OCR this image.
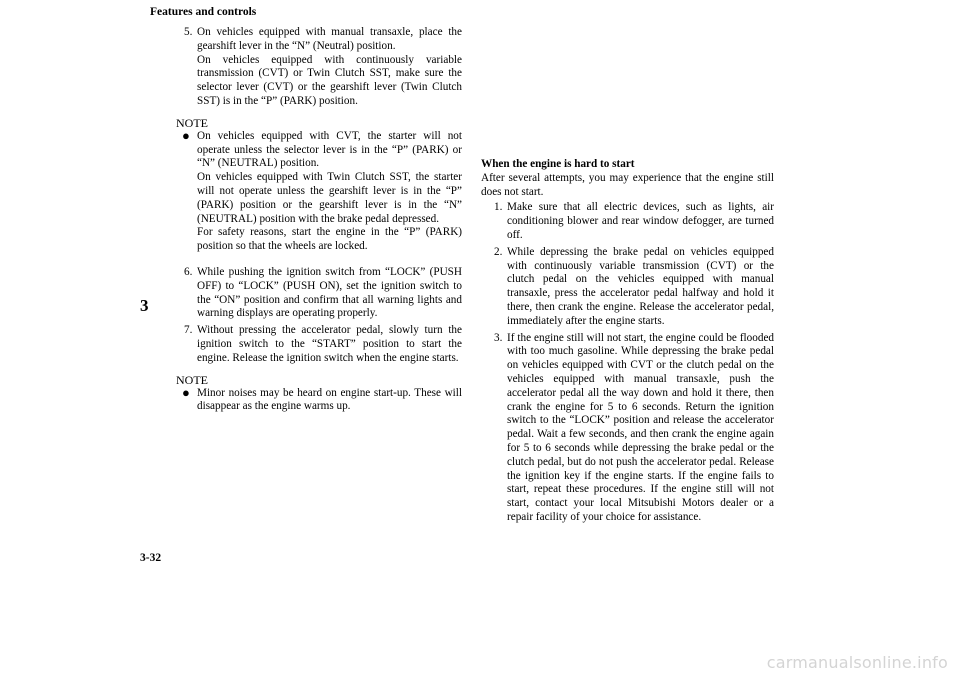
Features and controls
3
3-32
5. On vehicles equipped with manual transaxle, place the gearshift lever in the “N” (Neutral) position.

On vehicles equipped with continuously variable transmission (CVT) or Twin Clutch SST, make sure the selector lever (CVT) or the gearshift lever (Twin Clutch SST) is in the “P” (PARK) position.

NOTE
● On vehicles equipped with CVT, the starter will not operate unless the selector lever is in the “P” (PARK) or “N” (NEUTRAL) position.

On vehicles equipped with Twin Clutch SST, the starter will not operate unless the gearshift lever is in the “P” (PARK) position or the gearshift lever is in the “N” (NEUTRAL) position with the brake pedal depressed.

For safety reasons, start the engine in the “P” (PARK) position so that the wheels are locked.

6. While pushing the ignition switch from “LOCK” (PUSH OFF) to “LOCK” (PUSH ON), set the ignition switch to the “ON” position and confirm that all warning lights and warning displays are operating properly.

7. Without pressing the accelerator pedal, slowly turn the ignition switch to the “START” position to start the engine. Release the ignition switch when the engine starts.

NOTE
● Minor noises may be heard on engine start-up. These will disappear as the engine warms up.

When the engine is hard to start

After several attempts, you may experience that the engine still does not start.

1. Make sure that all electric devices, such as lights, air conditioning blower and rear window defogger, are turned off.

2. While depressing the brake pedal on vehicles equipped with continuously variable transmission (CVT) or the clutch pedal on the vehicles equipped with manual transaxle, press the accelerator pedal halfway and hold it there, then crank the engine. Release the accelerator pedal, immediately after the engine starts.

3. If the engine still will not start, the engine could be flooded with too much gasoline. While depressing the brake pedal on vehicles equipped with CVT or the clutch pedal on the vehicles equipped with manual transaxle, push the accelerator pedal all the way down and hold it there, then crank the engine for 5 to 6 seconds. Return the ignition switch to the “LOCK” position and release the accelerator pedal. Wait a few seconds, and then crank the engine again for 5 to 6 seconds while depressing the brake pedal or the clutch pedal, but do not push the accelerator pedal. Release the ignition key if the engine starts. If the engine fails to start, repeat these procedures. If the engine still will not start, contact your local Mitsubishi Motors dealer or a repair facility of your choice for assistance.

carmanualsonline.info
